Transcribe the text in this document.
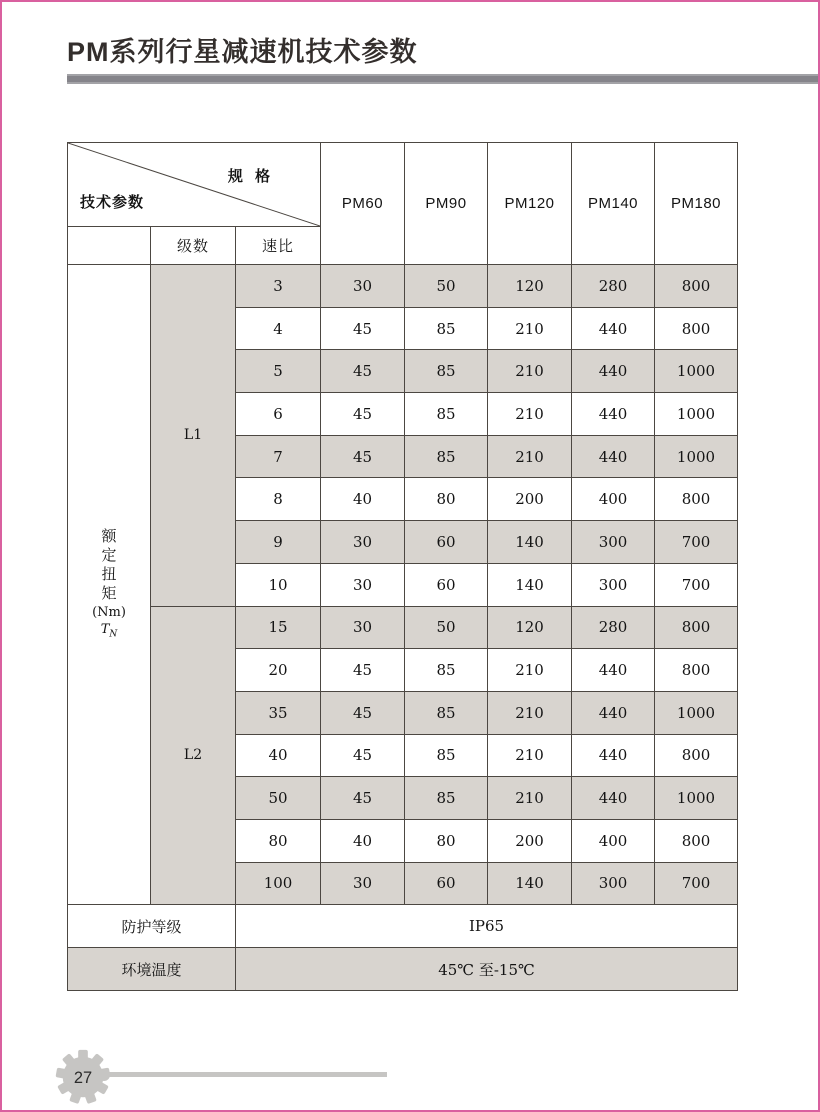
PM系列行星减速机技术参数
规 格
技术参数			PM60	PM90	PM120	PM140	PM180
	级数	速比					

额
定
扭
矩
(Nm)
$T_N$
	L1	3	30	50	120	280	800
		4	45	85	210	440	800
		5	45	85	210	440	1000
		6	45	85	210	440	1000
		7	45	85	210	440	1000
		8	40	80	200	400	800
		9	30	60	140	300	700
		10	30	60	140	300	700
	L2	15	30	50	120	280	800
		20	45	85	210	440	800
		35	45	85	210	440	1000
		40	45	85	210	440	800
		50	45	85	210	440	1000
		80	40	80	200	400	800
		100	30	60	140	300	700
防护等级		IP65					
环境温度		45℃ 至-15℃					
27
